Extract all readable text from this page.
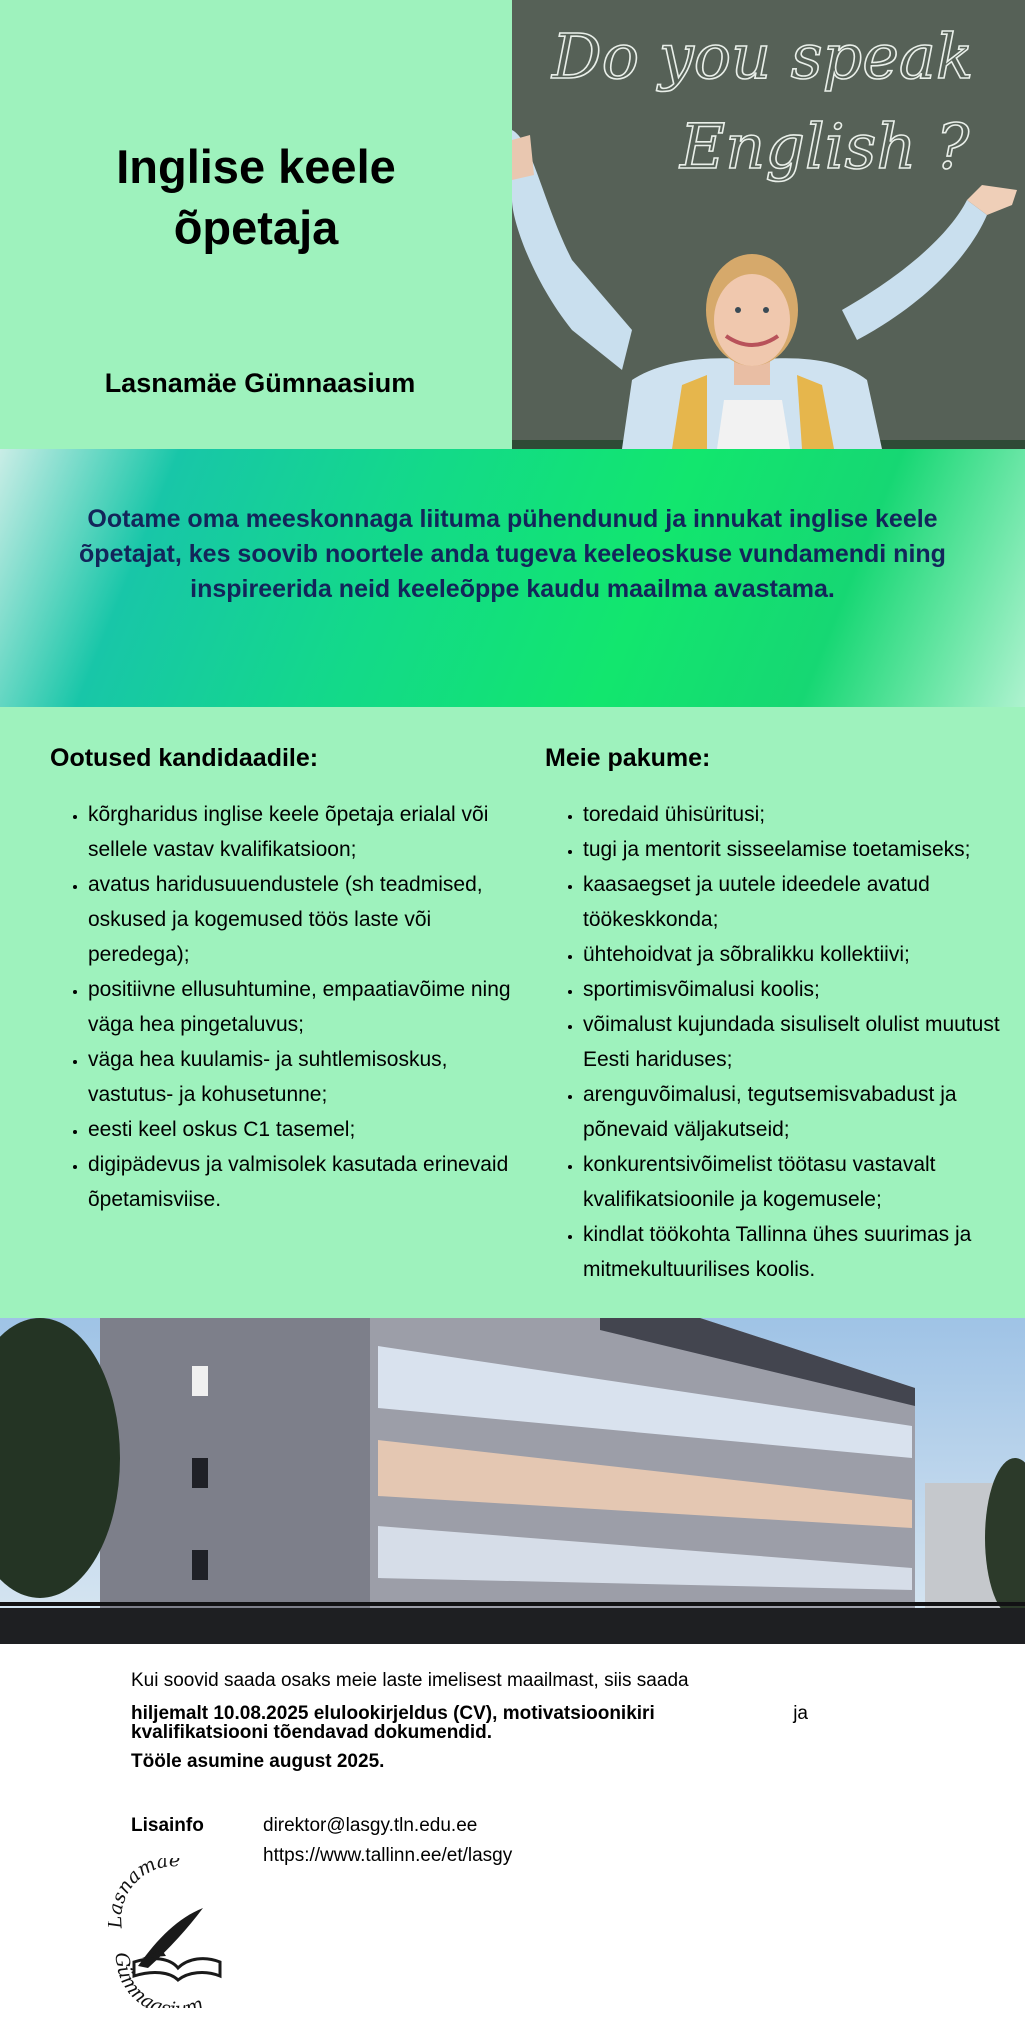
Inglise keele
õpetaja
Lasnamäe Gümnaasium
Do you speak
English ?
Ootame oma meeskonnaga liituma pühendunud ja innukat inglise keele õpetajat, kes soovib noortele anda tugeva keeleoskuse vundamendi ning inspireerida neid keeleõppe kaudu maailma avastama.
Ootused kandidaadile:
• kõrgharidus inglise keele õpetaja erialal või sellele vastav kvalifikatsioon;
• avatus haridusuuendustele (sh teadmised, oskused ja kogemused töös laste või peredega);
• positiivne ellusuhtumine, empaatiavõime ning väga hea pingetaluvus;
• väga hea kuulamis- ja suhtlemisoskus, vastutus- ja kohusetunne;
• eesti keel oskus C1 tasemel;
• digipädevus ja valmisolek kasutada erinevaid õpetamisviise.
Meie pakume:
• toredaid ühisüritusi;
• tugi ja mentorit sisseelamise toetamiseks;
• kaasaegset ja uutele ideedele avatud töökeskkonda;
• ühtehoidvat ja sõbralikku kollektiivi;
• sportimisvõimalusi koolis;
• võimalust kujundada sisuliselt olulist muutust Eesti hariduses;
• arenguvõimalusi, tegutsemisvabadust ja põnevaid väljakutseid;
• konkurentsivõimelist töötasu vastavalt kvalifikatsioonile ja kogemusele;
• kindlat töökohta Tallinna ühes suurimas ja mitmekultuurilises koolis.
Kui soovid saada osaks meie laste imelisest maailmast, siis saada
hiljemalt 10.08.2025 elulookirjeldus (CV), motivatsioonikiri	ja
kvalifikatsiooni tõendavad dokumendid.
Tööle asumine august 2025.
Lisainfo	direktor@lasgy.tln.edu.ee
https://www.tallinn.ee/et/lasgy
snamäe
Gümnaa m
